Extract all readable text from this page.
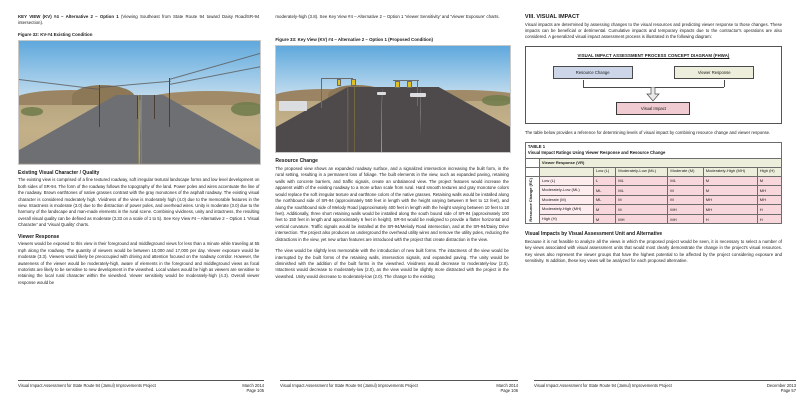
KEY VIEW (KV) #4 – Alternative 2 – Option 1 (Viewing Southeast from State Route 94 toward Daisy Road/SR-94 intersection).

Figure 32: KV-#4 Existing Condition
Existing Visual Character / Quality

The existing view is comprised of a fine textured roadway, soft irregular textural landscape forms and low level development on both sides of SR-94. The form of the roadway follows the topography of the land. Power poles and wires accentuate the line of the roadway. Brown earthtones of native grasses contrast with the gray monotones of the asphalt roadway. The existing visual character is considered moderately high. Vividness of the view is moderately high (4.0) due to the memorable features in the view. Intactness is moderate (3.0) due to the distraction of power poles, and overhead wires. Unity is moderate (3.0) due to the harmony of the landscape and man-made elements in the rural scene. Combining vividness, unity and intactness, the resulting overall visual quality can be defined as moderate (3.33 on a scale of 1 to 5). See Key View #4 – Alternative 2 – Option 1 'Visual Character' and 'Visual Quality' charts.

Viewer Response

Viewers would be exposed to this view in their foreground and middleground views for less than a minute while traveling at 55 mph along the roadway. The quantity of viewers would be between 10,000 and 17,000 per day. Viewer exposure would be moderate (3.3). Viewers would likely be preoccupied with driving and attention focused on the roadway corridor. However, the awareness of the viewer would be moderately-high, aware of elements in the foreground and middleground views as focal motorists are likely to be sensitive to new development in the viewshed. Local values would be high as viewers are sensitive to retaining the local rural character within the viewshed. Viewer sensitivity would be moderately-high (4.3). Overall viewer response would be

moderately-high (3.8). See Key View #4 – Alternative 2 – Option 1 'Viewer Sensitivity' and 'Viewer Exposure' charts.

Figure 33: Key View (KV) #4 – Alternative 2 – Option 1 (Proposed Condition)
Resource Change

The proposed view shows an expanded roadway surface, and a signalized intersection increasing the built form, in the rural setting, resulting in a permanent loss of foliage. The built elements in the view, such as expanded paving, retaining walls with concrete barriers, and traffic signals, create an unbalanced view. The project features would increase the apparent width of the existing roadway to a more urban scale from rural. Hard smooth textures and gray monotone colors would replace the soft irregular texture and earthtone colors of the native grasses. Retaining walls would be installed along the northbound side of SR-94 (approximately 560 feet in length with the height varying between 8 feet to 12 feet), and along the southbound side of Melody Road (approximately 400 feet in length with the height varying between 10 feet to 18 feet). Additionally, three short retaining walls would be installed along the south bound side of SR-94 (approximately 100 feet to 150 feet in length and approximately 6 feet in height). SR-94 would be realigned to provide a flatter horizontal and vertical curvature. Traffic signals would be installed at the SR-94/Melody Road intersection, and at the SR-94/Daisy Drive intersection. The project also produces an underground the overhead utility wires and remove the utility poles, reducing the distractions in the view, yet new urban features are introduced with the project that create distraction in the view.

The view would be slightly less memorable with the introduction of new built forms. The intactness of the view would be interrupted by the built forms of the retaining walls, intersection signals, and expanded paving. The unity would be diminished with the addition of the built forms in the viewshed. Vividness would decrease to moderately-low (2.0). Intactness would decrease to moderately-low (2.0), as the view would be slightly more distracted with the project in the viewshed. Unity would decrease to moderately-low (2.0). The change to the existing

VIII. VISUAL IMPACT

Visual impacts are determined by assessing changes to the visual resources and predicting viewer response to those changes. These impacts can be beneficial or detrimental. Cumulative impacts and temporary impacts due to the contractor's operations are also considered. A generalized visual impact assessment process is illustrated in the following diagram:

VISUAL IMPACT ASSESSMENT PROCESS CONCEPT DIAGRAM (FHWA)
Resource Change	Viewer Response
Visual Impact

The table below provides a reference for determining levels of visual impact by combining resource change and viewer response.

TABLE 1
Visual Impact Ratings Using Viewer Response and Resource Change						

	Viewer Response (VR)					
		Low (L)	Moderately-Low (ML)	Moderate (M)	Moderately-High (MH)	High (H)

Resource Change (RC)	Low (L)	L	ML	ML	M	M
	Moderately-Low (ML)	ML	ML	M	M	MH
	Moderate (M)	ML	M	M	MH	MH
	Moderately-High (MH)	M	M	MH	MH	H
	High (H)	M	MH	MH	H	H
Visual Impacts by Visual Assessment Unit and Alternative

Because it is not feasible to analyze all the views in which the proposed project would be seen, it is necessary to select a number of key views associated with visual assessment units that would most clearly demonstrate the change in the project's visual resources. Key views also represent the viewer groups that have the highest potential to be affected by the project considering exposure and sensitivity. In addition, these key views will be analyzed for each proposed alternative.

Visual Impact Assessment for State Route 94 (Jamul) Improvements Project	March 2014
Page 105
Visual Impact Assessment for State Route 94 (Jamul) Improvements Project	March 2014
Page 106
Visual Impact Assessment for State Route 94 (Jamul) Improvements Project	December 2013
Page 57
